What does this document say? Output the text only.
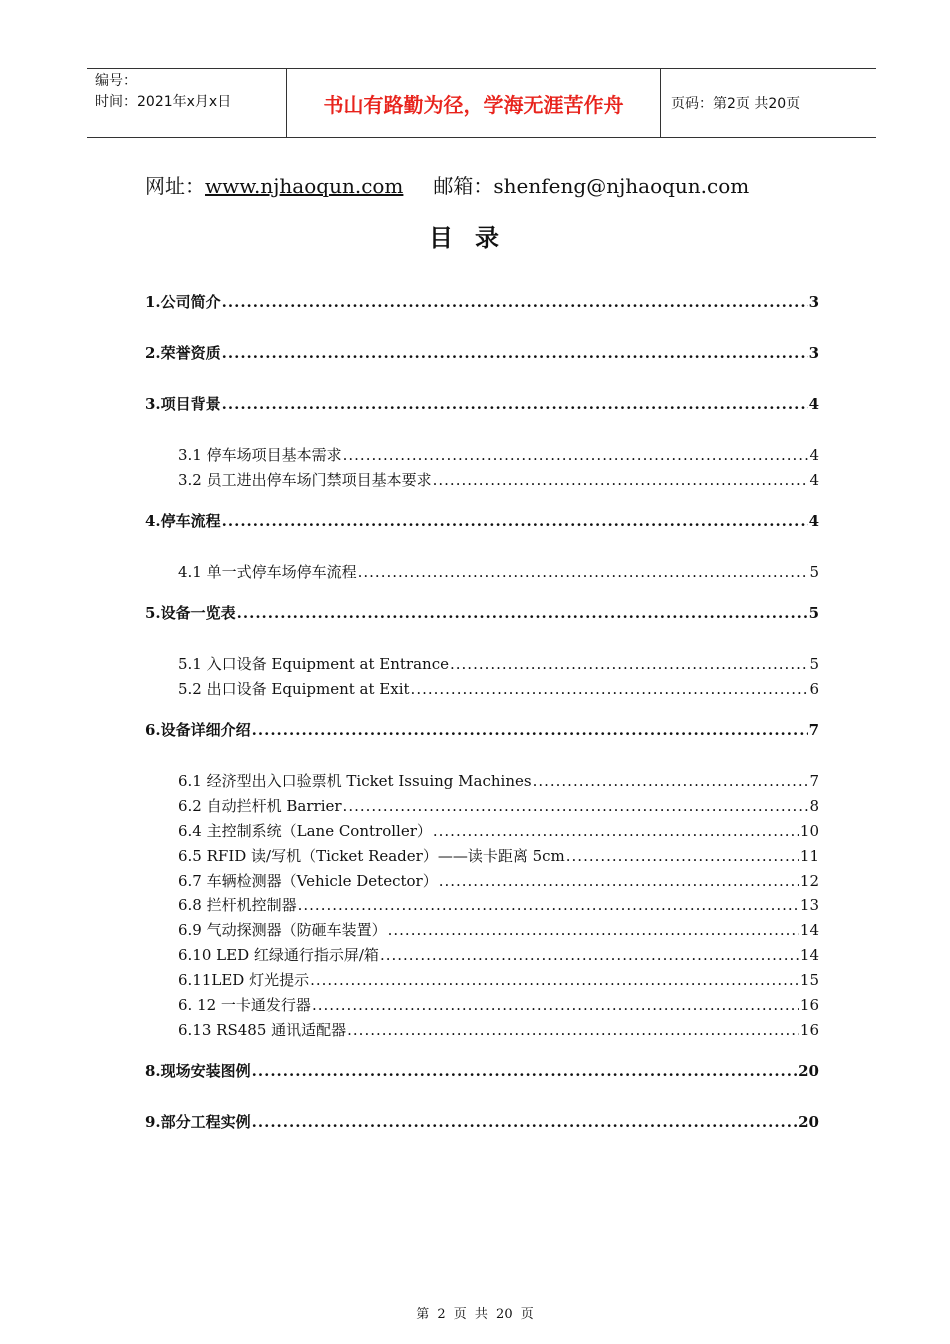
编号：
时间：2021年x月x日	书山有路勤为径，学海无涯苦作舟	页码：第2页 共20页
网址：www.njhaoqun.com 邮箱：shenfeng@njhaoqun.com
目录
1.公司简介 .....	3
2.荣誉资质 .....	3
3.项目背景 .....	4
3.1 停车场项目基本需求 .....	4
3.2 员工进出停车场门禁项目基本要求 .....	4
4.停车流程 .....	4
4.1 单一式停车场停车流程 .....	5
5.设备一览表 .....	5
5.1 入口设备 Equipment at Entrance .....	5
5.2 出口设备 Equipment at Exit .....	6
6.设备详细介绍 .....	7
6.1 经济型出入口验票机 Ticket Issuing Machines .....	7
6.2 自动拦杆机 Barrier .....	8
6.4 主控制系统（Lane Controller） .....	10
6.5 RFID 读/写机（Ticket Reader）——读卡距离 5cm .....	11
6.7 车辆检测器（Vehicle Detector） .....	12
6.8 拦杆机控制器 .....	13
6.9 气动探测器（防砸车装置） .....	14
6.10 LED 红绿通行指示屏/箱 .....	14
6.11LED 灯光提示 .....	15
6. 12 一卡通发行器 .....	16
6.13 RS485 通讯适配器 .....	16
8.现场安装图例 .....	20
9.部分工程实例 .....	20
第 2 页 共 20 页
